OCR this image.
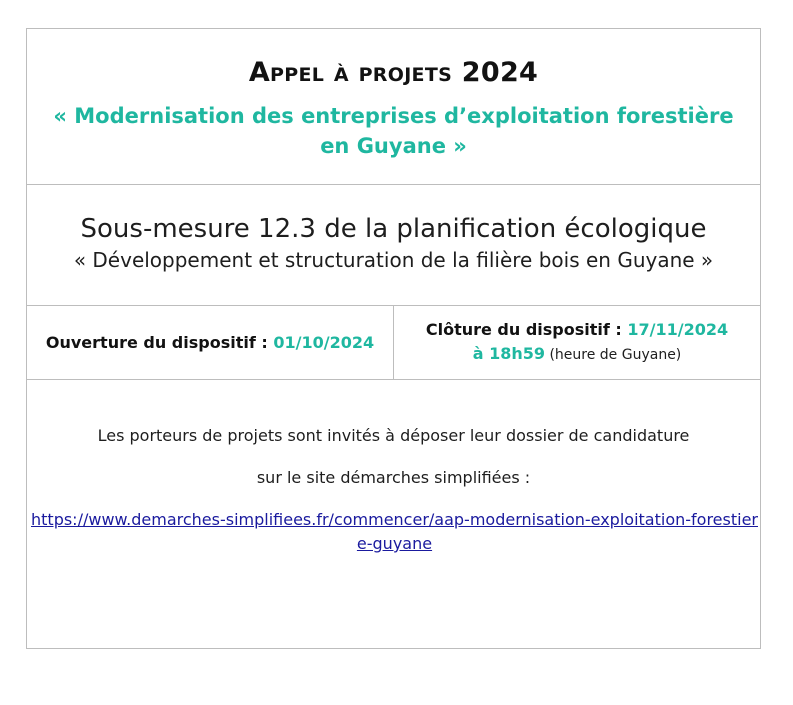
Appel à projets 2024
« Modernisation des entreprises d’exploitation forestière en Guyane »
Sous-mesure 12.3 de la planification écologique
« Développement et structuration de la filière bois en Guyane »
Ouverture du dispositif : 01/10/2024
Clôture du dispositif : 17/11/2024
à 18h59 (heure de Guyane)

Les porteurs de projets sont invités à déposer leur dossier de candidature

sur le site démarches simplifiées :

https://www.demarches-simplifiees.fr/commencer/aap-modernisation-exploitation-forestiere-guyane
